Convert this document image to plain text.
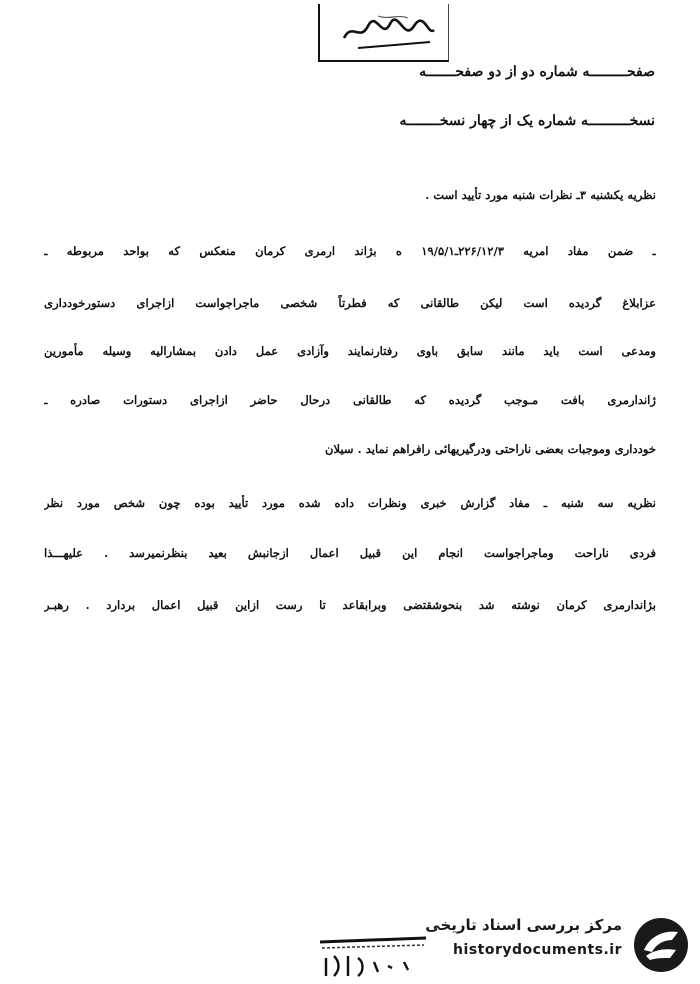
صفحـــــــــه شماره دو از دو صفحـــــــه
نسخــــــــــه شماره یک از چهار نسخــــــــه
نظریه یکشنبه ۳ـ نظرات شنبه مورد تأیید است .
ـ ضمن مفاد امریه ۲۲۶/۱۲/۳ـ۱۹/۵/۱ ه بژاند ارمری کرمان منعکس که بواحد مربوطه ـ
عزابلاغ گردیده است لیکن طالقانی که فطرتاً شخصی ماجراجواست ازاجرای دستورخودداری
ومدعی است باید مانند سابق باوی رفتارنمایند وآزادی عمل دادن بمشارالیه وسیله مأمورین
ژاندارمری بافت مـوجب گردیده که طالقانی درحال حاضر ازاجرای دستورات صادره ـ
خودداری وموجبات بعضی ناراحتی ودرگیریهائی رافراهم نماید . سیلان
نظریه سه شنبه ـ مفاد گزارش خبری ونظرات داده شده مورد تأیید بوده چون شخص مورد نظر
فردی ناراحت وماجراجواست انجام این قبیل اعمال ازجانبش بعید بنظرنمیرسد . علیهـــذا
بژاندارمری کرمان نوشته شد بنحوشقتضی وبرابقاعد تا رست ازاین قبیل اعمال بردارد . رهبـر
مرکز بررسی اسناد تاریخی
historydocuments.ir
